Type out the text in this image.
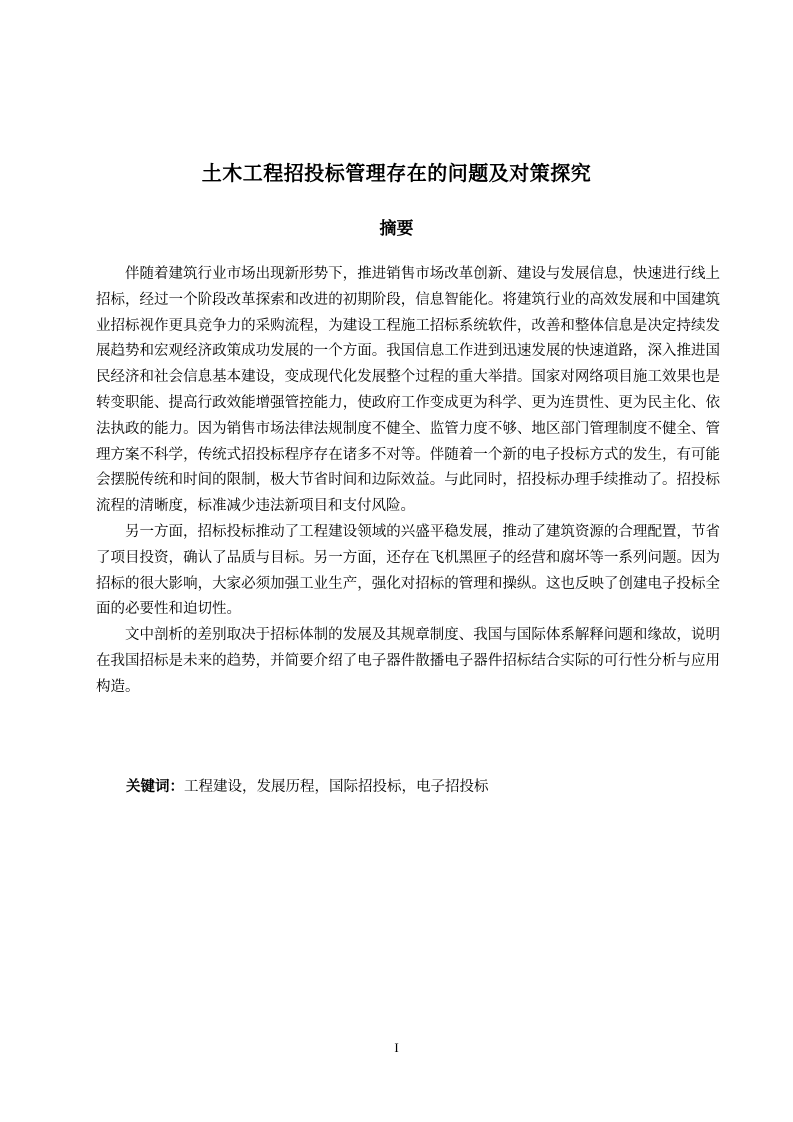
土木工程招投标管理存在的问题及对策探究
摘要

伴随着建筑行业市场出现新形势下，推进销售市场改革创新、建设与发展信息，快速进行线上招标，经过一个阶段改革探索和改进的初期阶段，信息智能化。将建筑行业的高效发展和中国建筑业招标视作更具竞争力的采购流程，为建设工程施工招标系统软件，改善和整体信息是决定持续发展趋势和宏观经济政策成功发展的一个方面。我国信息工作进到迅速发展的快速道路，深入推进国民经济和社会信息基本建设，变成现代化发展整个过程的重大举措。国家对网络项目施工效果也是转变职能、提高行政效能增强管控能力，使政府工作变成更为科学、更为连贯性、更为民主化、依法执政的能力。因为销售市场法律法规制度不健全、监管力度不够、地区部门管理制度不健全、管理方案不科学，传统式招投标程序存在诸多不对等。伴随着一个新的电子投标方式的发生，有可能会摆脱传统和时间的限制，极大节省时间和边际效益。与此同时，招投标办理手续推动了。招投标流程的清晰度，标准减少违法新项目和支付风险。

另一方面，招标投标推动了工程建设领域的兴盛平稳发展，推动了建筑资源的合理配置，节省了项目投资，确认了品质与目标。另一方面，还存在飞机黑匣子的经营和腐坏等一系列问题。因为招标的很大影响，大家必须加强工业生产，强化对招标的管理和操纵。这也反映了创建电子投标全面的必要性和迫切性。

文中剖析的差别取决于招标体制的发展及其规章制度、我国与国际体系解释问题和缘故，说明在我国招标是未来的趋势，并简要介绍了电子器件散播电子器件招标结合实际的可行性分析与应用构造。

关键词：工程建设，发展历程，国际招投标，电子招投标
I
